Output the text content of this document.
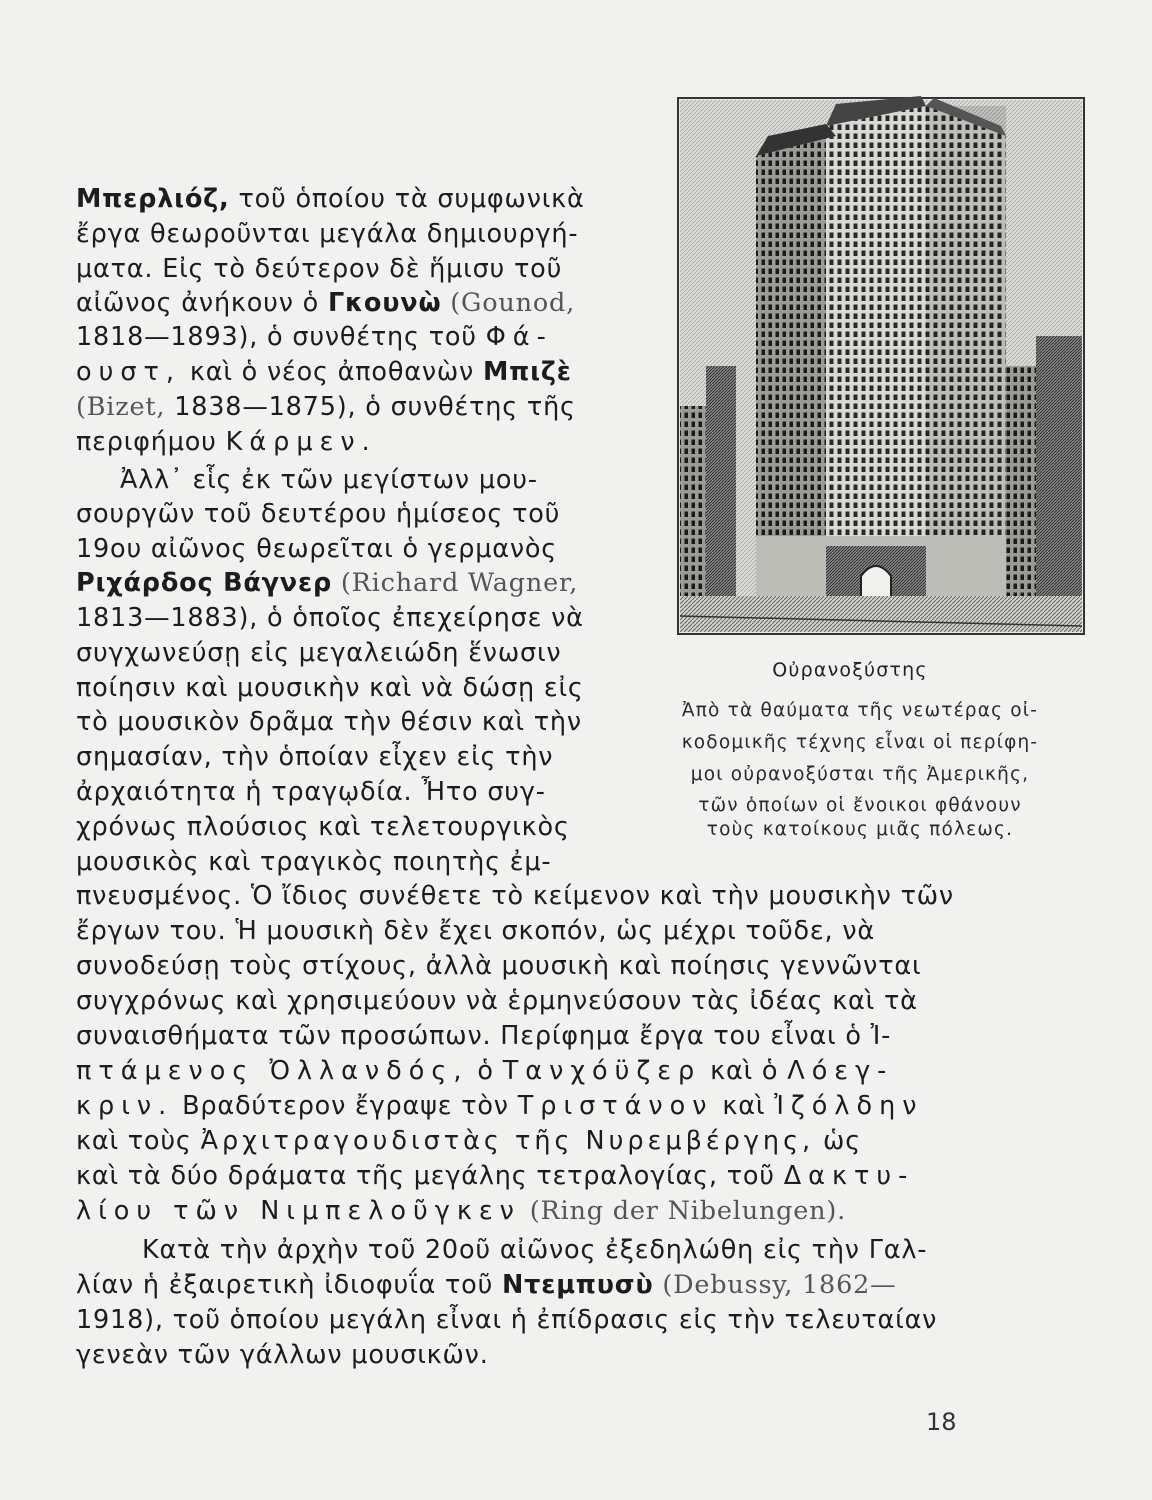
Οὐρανοξύστης
Ἀπὸ τὰ θαύματα τῆς νεωτέρας οἰ-
κοδομικῆς τέχνης εἶναι οἱ περίφη-
μοι οὐρανοξύσται τῆς Ἀμερικῆς,
τῶν ὁποίων οἱ ἔνοικοι φθάνουν
τοὺς κατοίκους μιᾶς πόλεως.
Μπερλιόζ, τοῦ ὁποίου τὰ συμφωνικὰ
ἔργα θεωροῦνται μεγάλα δημιουργή-
ματα. Εἰς τὸ δεύτερον δὲ ἥμισυ τοῦ
αἰῶνος ἀνήκουν ὁ Γκουνὼ (Gounod,
1818—1893), ὁ συνθέτης τοῦ Φά-
ουστ, καὶ ὁ νέος ἀποθανὼν Μπιζὲ
(Bizet, 1838—1875), ὁ συνθέτης τῆς
περιφήμου Κάρμεν.
Ἀλλ᾿ εἷς ἐκ τῶν μεγίστων μου-
σουργῶν τοῦ δευτέρου ἡμίσεος τοῦ
19ου αἰῶνος θεωρεῖται ὁ γερμανὸς
Ριχάρδος Βάγνερ (Richard Wagner,
1813—1883), ὁ ὁποῖος ἐπεχείρησε νὰ
συγχωνεύσῃ εἰς μεγαλειώδη ἕνωσιν
ποίησιν καὶ μουσικὴν καὶ νὰ δώσῃ εἰς
τὸ μουσικὸν δρᾶμα τὴν θέσιν καὶ τὴν
σημασίαν, τὴν ὁποίαν εἶχεν εἰς τὴν
ἀρχαιότητα ἡ τραγῳδία. Ἦτο συγ-
χρόνως πλούσιος καὶ τελετουργικὸς
μουσικὸς καὶ τραγικὸς ποιητὴς ἐμ-
πνευσμένος. Ὁ ἴδιος συνέθετε τὸ κείμενον καὶ τὴν μουσικὴν τῶν
ἔργων του. Ἡ μουσικὴ δὲν ἔχει σκοπόν, ὡς μέχρι τοῦδε, νὰ
συνοδεύσῃ τοὺς στίχους, ἀλλὰ μουσικὴ καὶ ποίησις γεννῶνται
συγχρόνως καὶ χρησιμεύουν νὰ ἑρμηνεύσουν τὰς ἰδέας καὶ τὰ
συναισθήματα τῶν προσώπων. Περίφημα ἔργα του εἶναι ὁ Ἰ-
πτάμενος Ὀλλανδός, ὁ Τανχόϋζερ καὶ ὁ Λόεγ-
κριν. Βραδύτερον ἔγραψε τὸν Τριστάνον καὶ Ἰζόλδην
καὶ τοὺς Ἀρχιτραγουδιστὰς τῆς Νυρεμβέργης, ὡς
καὶ τὰ δύο δράματα τῆς μεγάλης τετραλογίας, τοῦ Δακτυ-
λίου τῶν Νιμπελοῦγκεν (Ring der Nibelungen).
Κατὰ τὴν ἀρχὴν τοῦ 20οῦ αἰῶνος ἐξεδηλώθη εἰς τὴν Γαλ-
λίαν ἡ ἐξαιρετικὴ ἰδιοφυΐα τοῦ Ντεμπυσὺ (Debussy, 1862—
1918), τοῦ ὁποίου μεγάλη εἶναι ἡ ἐπίδρασις εἰς τὴν τελευταίαν
γενεὰν τῶν γάλλων μουσικῶν.
18
